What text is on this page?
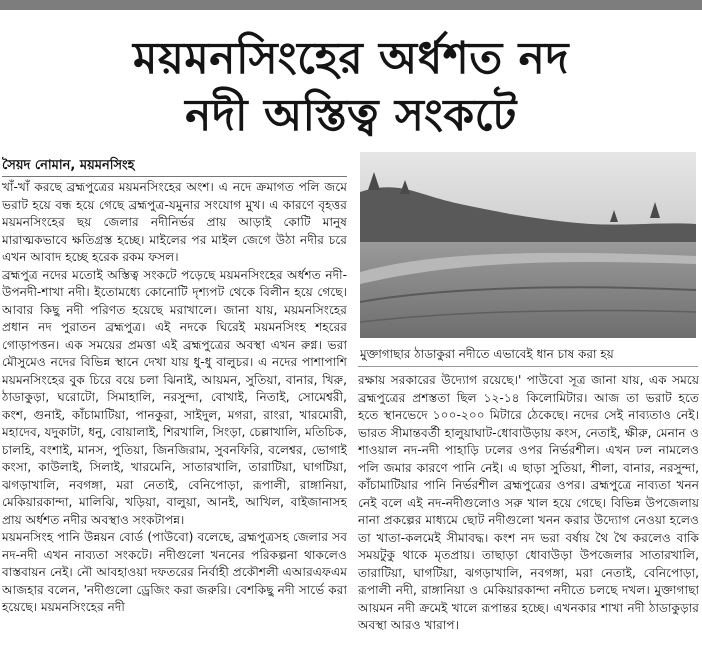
ময়মনসিংহের অর্ধশত নদ
নদী অস্তিত্ব সংকটে
সৈয়দ নোমান, ময়মনসিংহ

খাঁ-খাঁ করছে ব্রহ্মপুত্রের ময়মনসিংহের অংশ। এ নদে ক্রমাগত পলি জমে ভরাট হয়ে বন্ধ হয়ে গেছে ব্রহ্মপুত্র-যমুনার সংযোগ মুখ। এ কারণে বৃহত্তর ময়মনসিংহের ছয় জেলার নদীনির্ভর প্রায় আড়াই কোটি মানুষ মারাত্মকভাবে ক্ষতিগ্রস্ত হচ্ছে। মাইলের পর মাইল জেগে উঠা নদীর চরে এখন আবাদ হচ্ছে হরেক রকম ফসল।

ব্রহ্মপুত্র নদের মতোই অস্তিত্ব সংকটে পড়েছে ময়মনসিংহের অর্ধশত নদী-উপনদী-শাখা নদী। ইতোমধ্যে কোনোটি দৃশ্যপট থেকে বিলীন হয়ে গেছে। আবার কিছু নদী পরিণত হয়েছে মরাখালে। জানা যায়, ময়মনসিংহের প্রধান নদ পুরাতন ব্রহ্মপুত্র। এই নদকে ঘিরেই ময়মনসিংহ শহরের গোড়াপত্তন। এক সময়ের প্রমত্তা এই ব্রহ্মপুত্রের অবস্থা এখন রুগ্ন। ভরা মৌসুমেও নদের বিভিন্ন স্থানে দেখা যায় ধু-ধু বালুচর। এ নদের পাশাপাশি ময়মনসিংহের বুক চিরে বয়ে চলা ঝিনাই, আয়মন, সুতিয়া, বানার, খিরু, ঠাডাকুড়া, ঘরোটো, সিমাহালি, নরসুন্দা, বোখাই, নিতাই, সোমেশ্বরী, কংশ, গুনাই, কাঁচামাটিয়া, পানকুরা, সাইদুল, মগরা, রাংরা, খারমোরী, মহাদেব, যদুকাটা, ধনু, বোয়ালাই, শিরখালি, সিংড়া, চেল্লাখালি, মতিচিক, চালহি, বংশাই, মানস, পুতিয়া, জিনজিরাম, সুবনফিরি, বলেশ্বর, ভোগাই কংসা, কাউলাই, সিলাই, খারমেনি, সাতারখালি, তারাটিয়া, ঘাগটিয়া, ঝগড়াখালি, নবগঙ্গা, মরা নেতাই, বেনিপোড়া, রূপালী, রাঙ্গানিয়া, মেকিয়ারকান্দা, মালিঝি, খড়িয়া, বালুয়া, আনই, আখিল, বাইজানাসহ প্রায় অর্ধশত নদীর অবস্থাও সংকটাপন্ন।

ময়মনসিংহ পানি উন্নয়ন বোর্ড (পাউবো) বলেছে, ব্রহ্মপুত্রসহ জেলার সব নদ-নদী এখন নাব্যতা সংকটে। নদীগুলো খননের পরিকল্পনা থাকলেও বাস্তবায়ন নেই। নৌ আবহাওয়া দফতরের নির্বাহী প্রকৌশলী এআরএফএম আজহার বলেন, 'নদীগুলো ড্রেজিং করা জরুরি। বেশকিছু নদী সার্ভে করা হয়েছে। ময়মনসিংহের নদী

মুক্তাগাছার ঠাডাকুরা নদীতে এভাবেই ধান চাষ করা হয়

রক্ষায় সরকারের উদ্যোগ রয়েছে।' পাউবো সূত্র জানা যায়, এক সময়ে ব্রহ্মপুত্রের প্রশস্ততা ছিল ১২-১৪ কিলোমিটার। আজ তা ভরাট হতে হতে স্থানভেদে ১০০-২০০ মিটারে ঠেকেছে। নদের সেই নাব্যতাও নেই। ভারত সীমান্তবর্তী হালুয়াঘাট-ধোবাউড়ায় কংস, নেতাই, ক্ষীরু, মেনান ও শাওয়াল নদ-নদী পাহাড়ি ঢলের ওপর নির্ভরশীল। এখন ঢল নামলেও পলি জমার কারণে পানি নেই। এ ছাড়া সুতিয়া, শীলা, বানার, নরসুন্দা, কাঁচামাটিয়ার পানি নির্ভরশীল ব্রহ্মপুত্রের ওপর। ব্রহ্মপুত্রে নাব্যতা খনন নেই বলে এই নদ-নদীগুলোও সরু খাল হয়ে গেছে। বিভিন্ন উপজেলায় নানা প্রকল্পের মাধ্যমে ছোট নদীগুলো খনন করার উদ্যোগ নেওয়া হলেও তা খাতা-কলমেই সীমাবদ্ধ। কংশ নদ ভরা বর্ষায় থৈ থৈ করলেও বাকি সময়টুকু থাকে মৃতপ্রায়। তাছাড়া ধোবাউড়া উপজেলার সাতারখালি, তারাটিয়া, ঘাগটিয়া, ঝগড়াখালি, নবগঙ্গা, মরা নেতাই, বেনিপোড়া, রূপালী নদী, রাঙ্গানিয়া ও মেকিয়ারকান্দা নদীতে চলছে দখল। মুক্তাগাছা আয়মন নদী ক্রমেই খালে রূপান্তর হচ্ছে। এখনকার শাখা নদী ঠাডাকুড়ার অবস্থা আরও খারাপ।
